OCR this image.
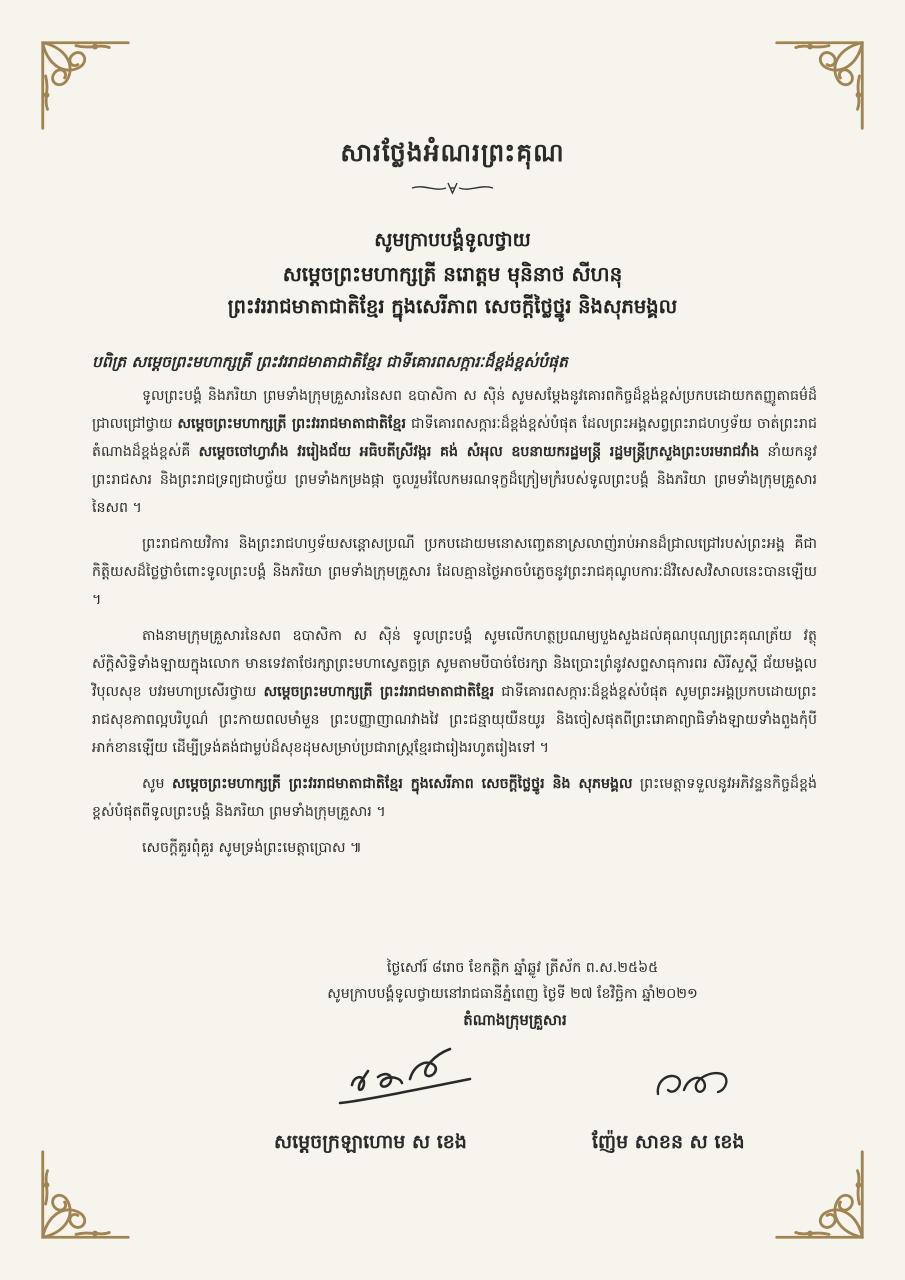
សារថ្លែងអំណរព្រះគុណ
សូមក្រាបបង្គំទូលថ្វាយ
សម្តេចព្រះមហាក្សត្រី នរោត្តម មុនិនាថ សីហនុ
ព្រះវររាជមាតាជាតិខ្មែរ ក្នុងសេរីភាព សេចក្តីថ្លៃថ្នូរ និងសុភមង្គល

បពិត្រ សម្តេចព្រះមហាក្សត្រី ព្រះវររាជមាតាជាតិខ្មែរ ជាទីគោរពសក្ការៈដ៏ខ្ពង់ខ្ពស់បំផុត

ទូលព្រះបង្គំ និងភរិយា ព្រមទាំងក្រុមគ្រួសារនៃសព ឧបាសិកា ស ស៊ិន់ សូមសម្តែងនូវគោរពកិច្ចដ៏ខ្ពង់ខ្ពស់ប្រកបដោយកតញ្ញូតាធម៌ដ៏ជ្រាលជ្រៅថ្វាយ សម្តេចព្រះមហាក្សត្រី ព្រះវររាជមាតាជាតិខ្មែរ ជាទីគោរពសក្ការៈដ៏ខ្ពង់ខ្ពស់បំផុត ដែលព្រះអង្គសព្វព្រះរាជហឫទ័យ ចាត់ព្រះរាជតំណាងដ៏ខ្ពង់ខ្ពស់គឺ សម្តេចចៅហ្វាវាំង វររៀងជ័យ អធិបតីស្រីវង្ករ គង់ សំអុល ឧបនាយករដ្ឋមន្ត្រី រដ្ឋមន្ត្រីក្រសួងព្រះបរមរាជវាំង នាំយកនូវព្រះរាជសារ និងព្រះរាជទ្រព្យជាបច្ច័យ ព្រមទាំងកម្រងផ្កា ចូលរួមរំលែកមរណទុក្ខដ៏ក្រៀមក្រំរបស់ទូលព្រះបង្គំ និងភរិយា ព្រមទាំងក្រុមគ្រួសារនៃសព ។

ព្រះរាជកាយវិការ និងព្រះរាជហឫទ័យសន្តោសប្រណី ប្រកបដោយមនោសញ្ចេតនាស្រលាញ់រាប់អានដ៏ជ្រាលជ្រៅរបស់ព្រះអង្គ គឺជាកិត្តិយសដ៏ថ្លៃថ្លាចំពោះទូលព្រះបង្គំ និងភរិយា ព្រមទាំងក្រុមគ្រួសារ ដែលគ្មានថ្ងៃអាចបំភ្លេចនូវព្រះរាជគុណូបការៈដ៏វិសេសវិសាលនេះបានឡើយ ។

តាងនាមក្រុមគ្រួសារនៃសព ឧបាសិកា ស ស៊ិន់ ទូលព្រះបង្គំ សូមលើកហត្ថប្រណម្យបួងសួងដល់គុណបុណ្យព្រះគុណត្រ័យ វត្ថុស័ក្តិសិទ្ធិទាំងឡាយក្នុងលោក មានទេវតាថែរក្សាព្រះមហាស្វេតច្ឆត្រ សូមតាមបីបាច់ថែរក្សា និងប្រោះព្រំនូវសព្ទសាធុការពរ សិរីសួស្តី ជ័យមង្គល វិបុលសុខ បវរមហាប្រសើរថ្វាយ សម្តេចព្រះមហាក្សត្រី ព្រះវររាជមាតាជាតិខ្មែរ ជាទីគោរពសក្ការៈដ៏ខ្ពង់ខ្ពស់បំផុត សូមព្រះអង្គប្រកបដោយព្រះរាជសុខភាពល្អបរិបូណ៌ ព្រះកាយពលមាំមួន ព្រះបញ្ញាញាណវាងវៃ ព្រះជន្មាយុយឺនយូរ និងចៀសផុតពីព្រះរោគាព្យាធិទាំងឡាយទាំងពួងកុំបីអាក់ខានឡើយ ដើម្បីទ្រង់គង់ជាម្លប់ដ៏សុខដុមសម្រាប់ប្រជារាស្ត្រខ្មែរជារៀងរហូតរៀងទៅ ។

សូម សម្តេចព្រះមហាក្សត្រី ព្រះវររាជមាតាជាតិខ្មែរ ក្នុងសេរីភាព សេចក្តីថ្លៃថ្នូរ និង សុភមង្គល ព្រះមេត្តាទទួលនូវអភិវន្ទនកិច្ចដ៏ខ្ពង់ខ្ពស់បំផុតពីទូលព្រះបង្គំ និងភរិយា ព្រមទាំងក្រុមគ្រួសារ ។

សេចក្តីគួរពុំគួរ សូមទ្រង់ព្រះមេត្តាប្រោស ៕

ថ្ងៃសៅរ៍ ៨រោច ខែកត្តិក ឆ្នាំឆ្លូវ ត្រីស័ក ព.ស.២៥៦៥
សូមក្រាបបង្គំទូលថ្វាយនៅរាជធានីភ្នំពេញ ថ្ងៃទី ២៧ ខែវិច្ឆិកា ឆ្នាំ២០២១
តំណាងក្រុមគ្រួសារ
សម្តេចក្រឡាហោម ស ខេង	ញ៉ែម សាខន ស ខេង
